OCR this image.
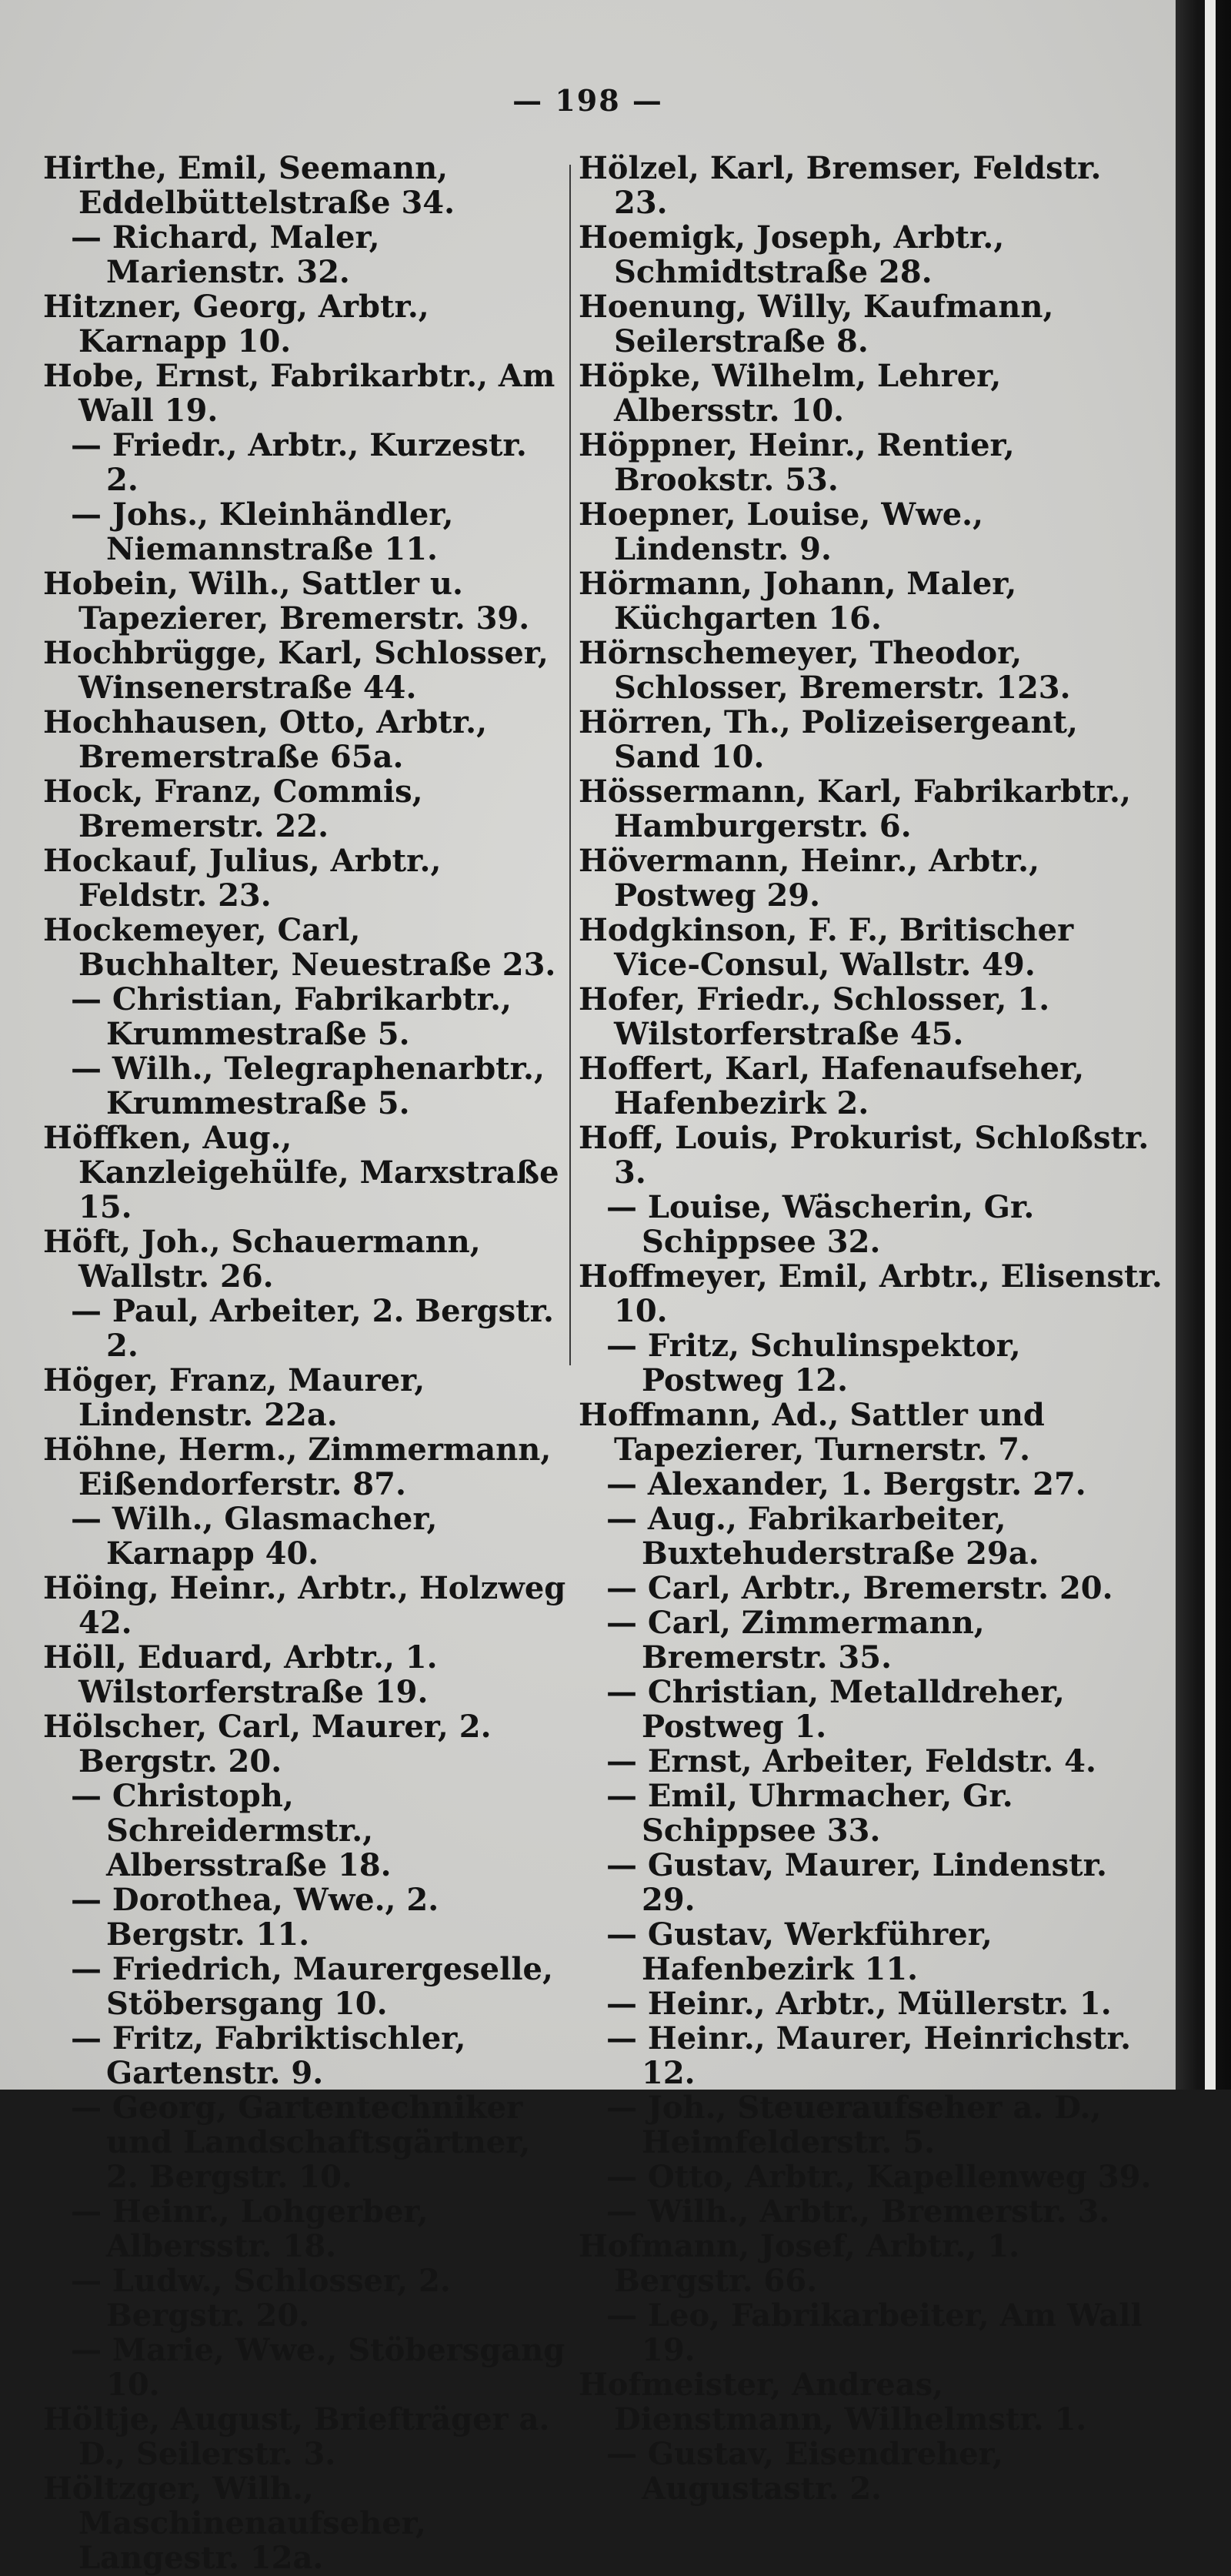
— 198 —
Hirthe, Emil, Seemann, Eddelbüttelstraße 34.
— Richard, Maler, Marienstr. 32.
Hitzner, Georg, Arbtr., Karnapp 10.
Hobe, Ernst, Fabrikarbtr., Am Wall 19.
— Friedr., Arbtr., Kurzestr. 2.
— Johs., Kleinhändler, Niemannstraße 11.
Hobein, Wilh., Sattler u. Tapezierer, Bremerstr. 39.
Hochbrügge, Karl, Schlosser, Winsenerstraße 44.
Hochhausen, Otto, Arbtr., Bremerstraße 65a.
Hock, Franz, Commis, Bremerstr. 22.
Hockauf, Julius, Arbtr., Feldstr. 23.
Hockemeyer, Carl, Buchhalter, Neuestraße 23.
— Christian, Fabrikarbtr., Krummestraße 5.
— Wilh., Telegraphenarbtr., Krummestraße 5.
Höffken, Aug., Kanzleigehülfe, Marxstraße 15.
Höft, Joh., Schauermann, Wallstr. 26.
— Paul, Arbeiter, 2. Bergstr. 2.
Höger, Franz, Maurer, Lindenstr. 22a.
Höhne, Herm., Zimmermann, Eißendorferstr. 87.
— Wilh., Glasmacher, Karnapp 40.
Höing, Heinr., Arbtr., Holzweg 42.
Höll, Eduard, Arbtr., 1. Wilstorferstraße 19.
Hölscher, Carl, Maurer, 2. Bergstr. 20.
— Christoph, Schreidermstr., Albersstraße 18.
— Dorothea, Wwe., 2. Bergstr. 11.
— Friedrich, Maurergeselle, Stöbersgang 10.
— Fritz, Fabriktischler, Gartenstr. 9.
— Georg, Gartentechniker und Landschaftsgärtner, 2. Bergstr. 10.
— Heinr., Lohgerber, Albersstr. 18.
— Ludw., Schlosser, 2. Bergstr. 20.
— Marie, Wwe., Stöbersgang 10.
Höltje, August, Briefträger a. D., Seilerstr. 3.
Höltzger, Wilh., Maschinenaufseher, Langestr. 12a.
Hölzel, Karl, Bremser, Feldstr. 23.
Hoemigk, Joseph, Arbtr., Schmidtstraße 28.
Hoenung, Willy, Kaufmann, Seilerstraße 8.
Höpke, Wilhelm, Lehrer, Albersstr. 10.
Höppner, Heinr., Rentier, Brookstr. 53.
Hoepner, Louise, Wwe., Lindenstr. 9.
Hörmann, Johann, Maler, Küchgarten 16.
Hörnschemeyer, Theodor, Schlosser, Bremerstr. 123.
Hörren, Th., Polizeisergeant, Sand 10.
Hössermann, Karl, Fabrikarbtr., Hamburgerstr. 6.
Hövermann, Heinr., Arbtr., Postweg 29.
Hodgkinson, F. F., Britischer Vice-Consul, Wallstr. 49.
Hofer, Friedr., Schlosser, 1. Wilstorferstraße 45.
Hoffert, Karl, Hafenaufseher, Hafenbezirk 2.
Hoff, Louis, Prokurist, Schloßstr. 3.
— Louise, Wäscherin, Gr. Schippsee 32.
Hoffmeyer, Emil, Arbtr., Elisenstr. 10.
— Fritz, Schulinspektor, Postweg 12.
Hoffmann, Ad., Sattler und Tapezierer, Turnerstr. 7.
— Alexander, 1. Bergstr. 27.
— Aug., Fabrikarbeiter, Buxtehuderstraße 29a.
— Carl, Arbtr., Bremerstr. 20.
— Carl, Zimmermann, Bremerstr. 35.
— Christian, Metalldreher, Postweg 1.
— Ernst, Arbeiter, Feldstr. 4.
— Emil, Uhrmacher, Gr. Schippsee 33.
— Gustav, Maurer, Lindenstr. 29.
— Gustav, Werkführer, Hafenbezirk 11.
— Heinr., Arbtr., Müllerstr. 1.
— Heinr., Maurer, Heinrichstr. 12.
— Joh., Steueraufseher a. D., Heimfelderstr. 5.
— Otto, Arbtr., Kapellenweg 39.
— Wilh., Arbtr., Bremerstr. 3.
Hofmann, Josef, Arbtr., 1. Bergstr. 66.
— Leo, Fabrikarbeiter, Am Wall 19.
Hofmeister, Andreas, Dienstmann, Wilhelmstr. 1.
— Gustav, Eisendreher, Augustastr. 2.
